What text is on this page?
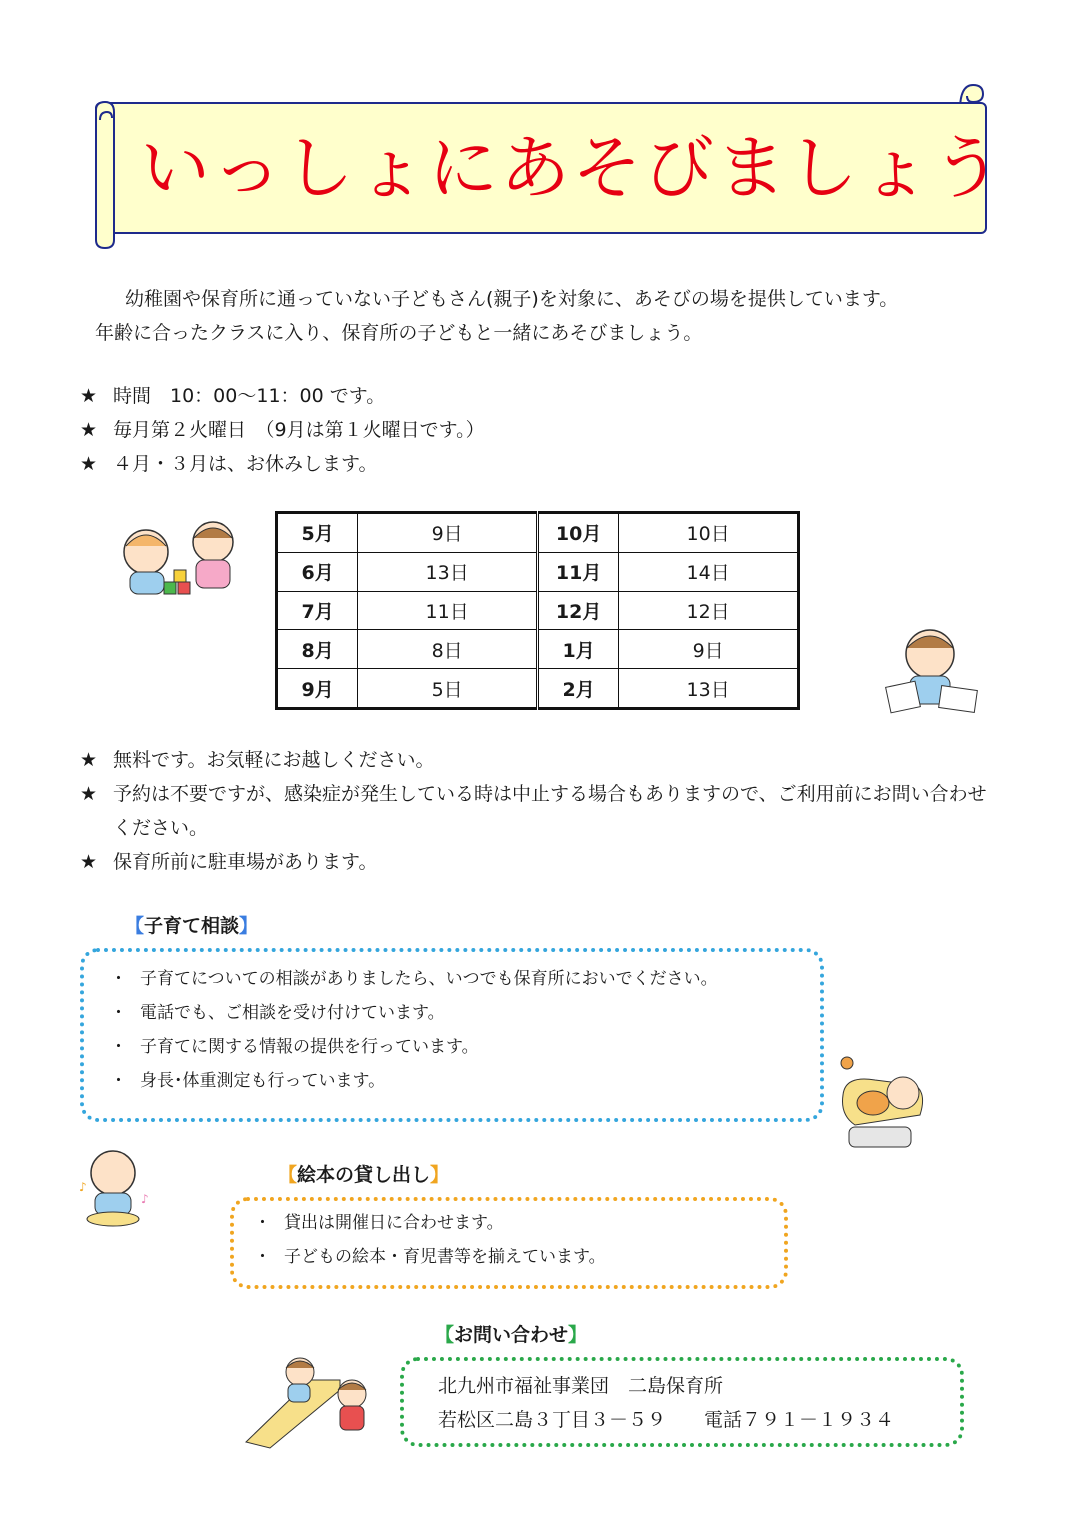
いっしょにあそびましょう

幼稚園や保育所に通っていない子どもさん(親子)を対象に、あそびの場を提供しています。

年齢に合ったクラスに入り、保育所の子どもと一緒にあそびましょう。

★ 時間　10：00～11：00 です。
★ 毎月第２火曜日　（9月は第１火曜日です。）
★ ４月・３月は、お休みします。
5月	9日	10月	10日
6月	13日	11月	14日
7月	11日	12月	12日
8月	8日	1月	9日
9月	5日	2月	13日
★ 無料です。お気軽にお越しください。
★ 予約は不要ですが、感染症が発生している時は中止する場合もありますので、ご利用前にお問い合わせください。
★ 保育所前に駐車場があります。
【子育て相談】
・ 子育てについての相談がありましたら、いつでも保育所においでください。
・ 電話でも、ご相談を受け付けています。
・ 子育てに関する情報の提供を行っています。
・ 身長･体重測定も行っています。
♪
♪
【絵本の貸し出し】
・ 貸出は開催日に合わせます。
・ 子どもの絵本・育児書等を揃えています。
【お問い合わせ】
北九州市福祉事業団　二島保育所
若松区二島３丁目３－５９　　電話７９１－１９３４
